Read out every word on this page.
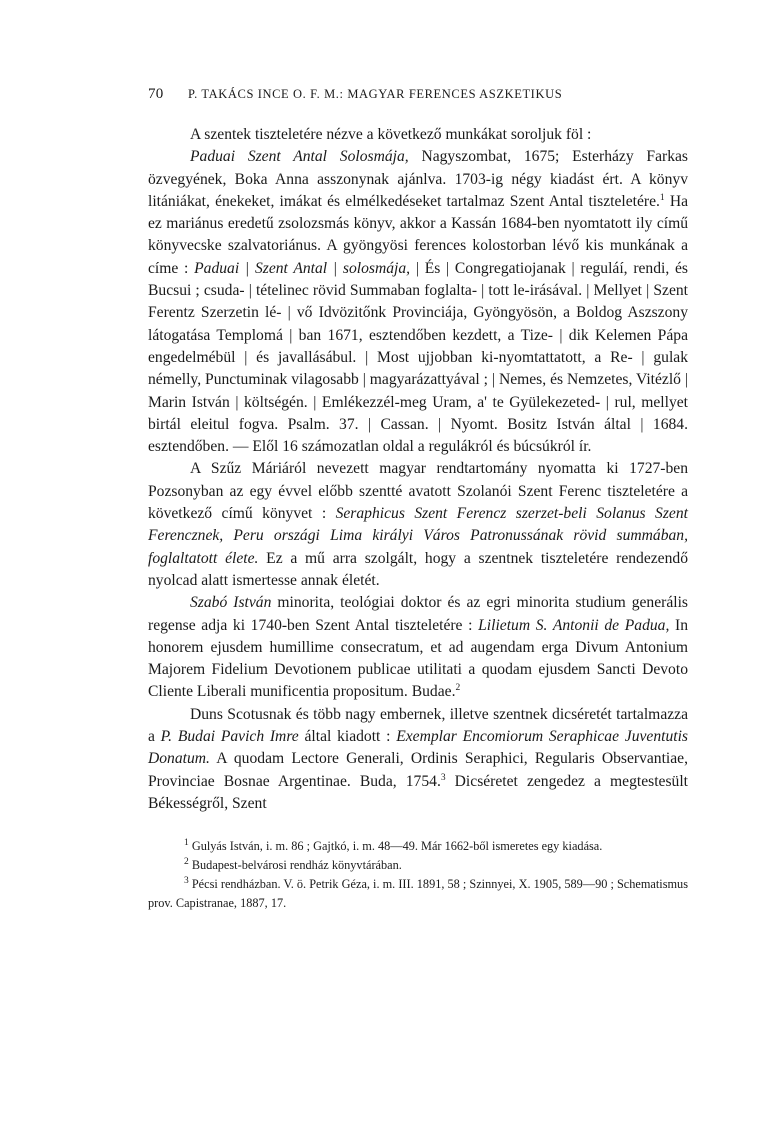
70	P. TAKÁCS INCE O. F. M.: MAGYAR FERENCES ASZKETIKUS

A szentek tiszteletére nézve a következő munkákat soroljuk föl :

Paduai Szent Antal Solosmája, Nagyszombat, 1675; Esterházy Farkas özvegyének, Boka Anna asszonynak ajánlva. 1703-ig négy kiadást ért. A könyv litániákat, énekeket, imákat és elmélkedéseket tartalmaz Szent Antal tiszteletére.$^1$ Ha ez mariánus eredetű zsolozsmás könyv, akkor a Kassán 1684-ben nyomtatott ily című könyvecske szalvatoriánus. A gyöngyösi ferences kolostorban lévő kis munkának a címe : Paduai | Szent Antal | solosmája, | És | Congregatiojanak | reguláí, rendi, és Bucsui ; csuda- | tételinec rövid Summaban foglalta- | tott le-irásával. | Mellyet | Szent Ferentz Szerzetin lé- | vő Idvözitőnk Provinciája, Gyöngyösön, a Boldog Aszszony látogatása Templomá | ban 1671, esztendőben kezdett, a Tize- | dik Kelemen Pápa engedelmébül | és javallásábul. | Most ujjobban ki-nyomtattatott, a Re- | gulak némelly, Punctuminak vilagosabb | magyarázattyával ; | Nemes, és Nemzetes, Vitézlő | Marin István | költségén. | Emlékezzél-meg Uram, a' te Gyülekezeted- | rul, mellyet birtál eleitul fogva. Psalm. 37. | Cassan. | Nyomt. Bositz István által | 1684. esztendőben. — Elől 16 számozatlan oldal a regulákról és búcsúkról ír.

A Szűz Máriáról nevezett magyar rendtartomány nyomatta ki 1727-ben Pozsonyban az egy évvel előbb szentté avatott Szolanói Szent Ferenc tiszteletére a következő című könyvet : Seraphicus Szent Ferencz szerzet-beli Solanus Szent Ferencznek, Peru országi Lima királyi Város Patronussának rövid summában, foglaltatott élete. Ez a mű arra szolgált, hogy a szentnek tiszteletére rendezendő nyolcad alatt ismertesse annak életét.

Szabó István minorita, teológiai doktor és az egri minorita studium generális regense adja ki 1740-ben Szent Antal tiszteletére : Lilietum S. Antonii de Padua, In honorem ejusdem humillime consecratum, et ad augendam erga Divum Antonium Majorem Fidelium Devotionem publicae utilitati a quodam ejusdem Sancti Devoto Cliente Liberali munificentia propositum. Budae.$^2$

Duns Scotusnak és több nagy embernek, illetve szentnek dicséretét tartalmazza a P. Budai Pavich Imre által kiadott : Exemplar Encomiorum Seraphicae Juventutis Donatum. A quodam Lectore Generali, Ordinis Seraphici, Regularis Observantiae, Provinciae Bosnae Argentinae. Buda, 1754.$^3$ Dicséretet zengedez a megtestesült Békességről, Szent

$^1$ Gulyás István, i. m. 86 ; Gajtkó, i. m. 48—49. Már 1662-ből ismeretes egy kiadása.

$^2$ Budapest-belvárosi rendház könyvtárában.

$^3$ Pécsi rendházban. V. ö. Petrik Géza, i. m. III. 1891, 58 ; Szinnyei, X. 1905, 589—90 ; Schematismus prov. Capistranae, 1887, 17.
